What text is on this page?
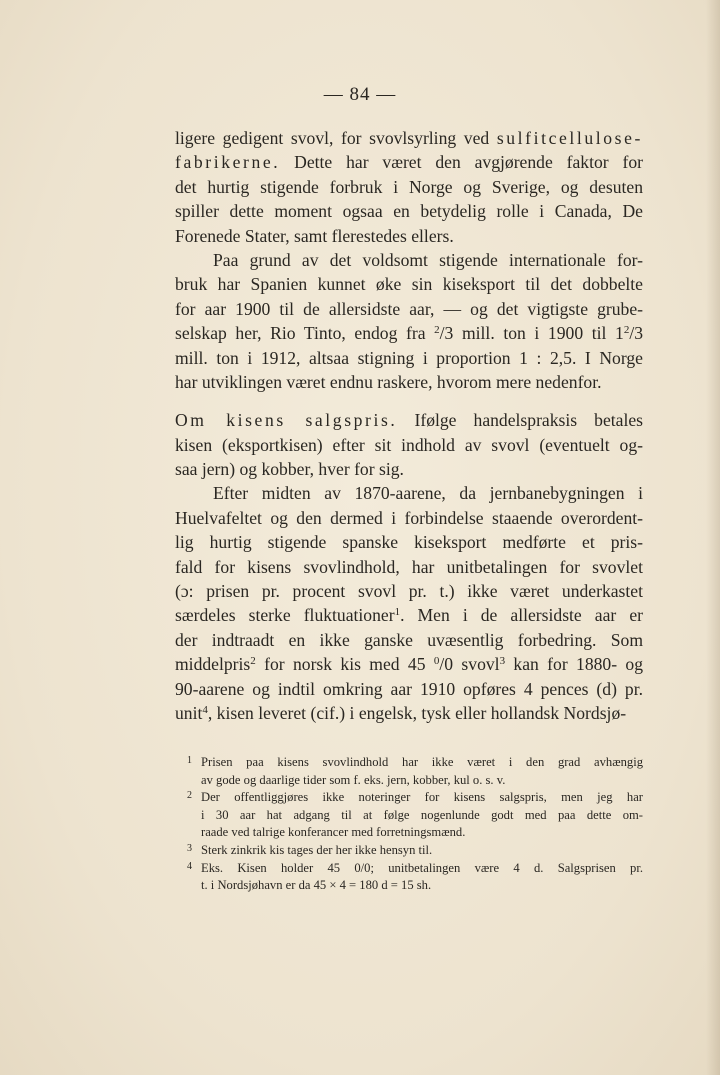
— 84 —
ligere gedigent svovl, for svovlsyrling ved sulfitcellulose-
fabrikerne. Dette har været den avgjørende faktor for
det hurtig stigende forbruk i Norge og Sverige, og desuten
spiller dette moment ogsaa en betydelig rolle i Canada, De
Forenede Stater, samt flerestedes ellers.
Paa grund av det voldsomt stigende internationale for-
bruk har Spanien kunnet øke sin kiseksport til det dobbelte
for aar 1900 til de allersidste aar, — og det vigtigste grube-
selskap her, Rio Tinto, endog fra $^2$/3 mill. ton i 1900 til $1^2/3$
mill. ton i 1912, altsaa stigning i proportion 1 : 2,5. I Norge
har utviklingen været endnu raskere, hvorom mere nedenfor.
Om kisens salgspris. Ifølge handelspraksis betales
kisen (eksportkisen) efter sit indhold av svovl (eventuelt og-
saa jern) og kobber, hver for sig.
Efter midten av 1870-aarene, da jernbanebygningen i
Huelvafeltet og den dermed i forbindelse staaende overordent-
lig hurtig stigende spanske kiseksport medførte et pris-
fald for kisens svovlindhold, har unitbetalingen for svovlet
(ɔ: prisen pr. procent svovl pr. t.) ikke været underkastet
særdeles sterke fluktuationer$^1$. Men i de allersidste aar er
der indtraadt en ikke ganske uvæsentlig forbedring. Som
middelpris$^2$ for norsk kis med 45 $^0$/0 svovl$^3$ kan for 1880- og
90-aarene og indtil omkring aar 1910 opføres 4 pences (d) pr.
unit$^4$, kisen leveret (cif.) i engelsk, tysk eller hollandsk Nordsjø-
1 Prisen paa kisens svovlindhold har ikke været i den grad avhængig
av gode og daarlige tider som f. eks. jern, kobber, kul o. s. v.
2 Der offentliggjøres ikke noteringer for kisens salgspris, men jeg har
i 30 aar hat adgang til at følge nogenlunde godt med paa dette om-
raade ved talrige konferancer med forretningsmænd.
3 Sterk zinkrik kis tages der her ikke hensyn til.
4 Eks. Kisen holder 45 0/0; unitbetalingen være 4 d. Salgsprisen pr.
t. i Nordsjøhavn er da 45 × 4 = 180 d = 15 sh.
